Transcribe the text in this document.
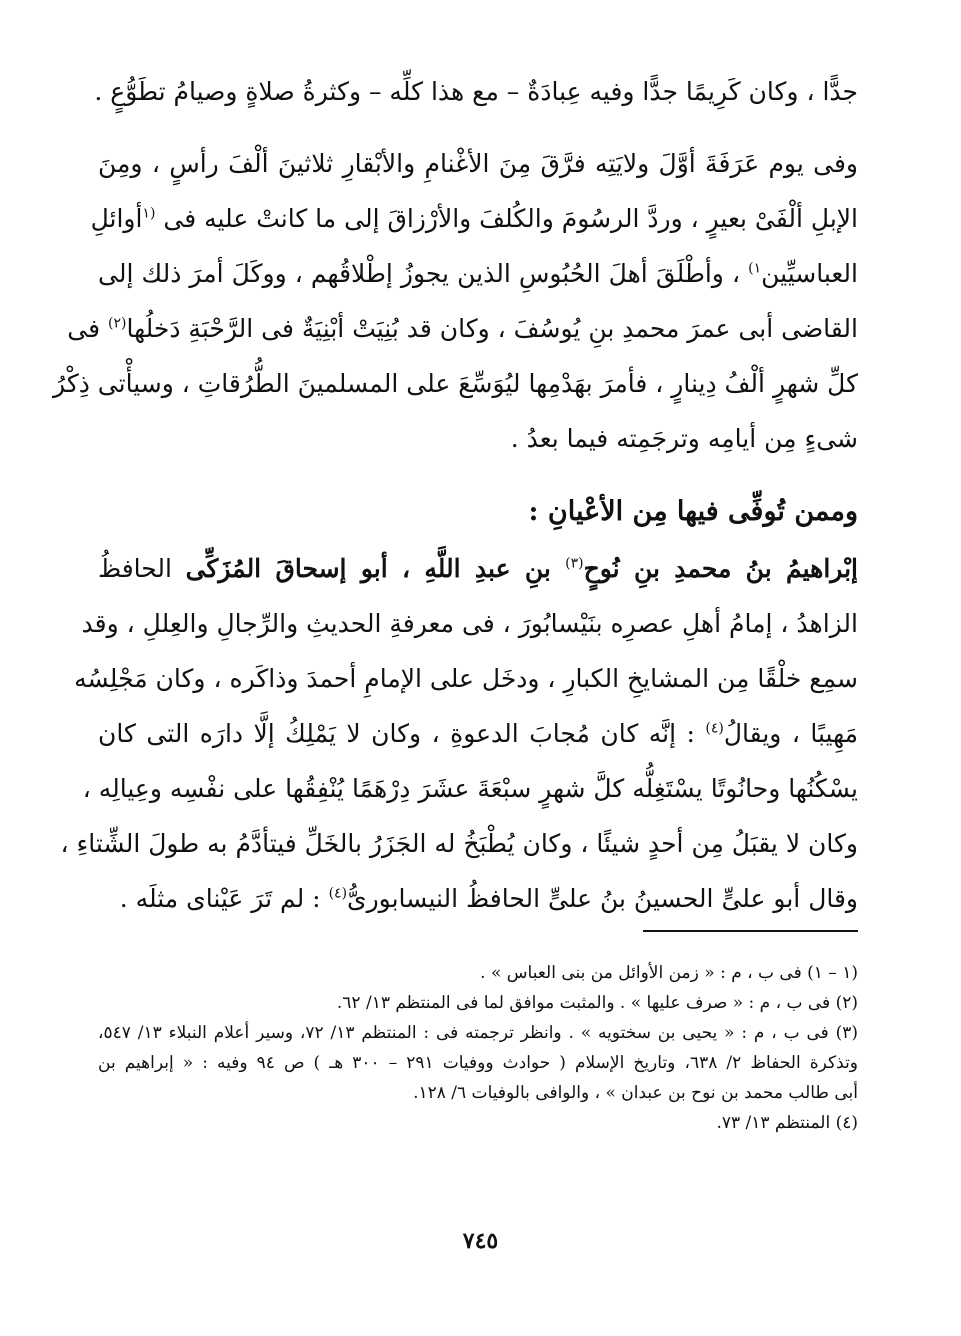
جدًّا ، وكان كَرِيمًا جدًّا وفيه عِبادَةٌ – مع هذا كلِّه – وكثرةُ صلاةٍ وصيامُ تطَوُّعٍ .
وفى يوم عَرَفَةَ أوَّلَ ولايَتِه فرَّقَ مِنَ الأغْنامِ والأبْقارِ ثلاثينَ ألْفَ رأسٍ ، ومِنَ
الإبلِ ألْفَىْ بعيرٍ ، وردَّ الرسُومَ والكُلفَ والأرْزاقَ إلى ما كانتْ عليه فى $^{(١}$أوائلِ
العباسيِّين$^{١)}$ ، وأطْلَقَ أهلَ الحُبُوسِ الذين يجوزُ إطْلاقُهم ، ووكَلَ أمرَ ذلك إلى
القاضى أبى عمرَ محمدِ بنِ يُوسُفَ ، وكان قد بُنِيَتْ أبْنِيَةٌ فى الرَّحْبَةِ دَخلُها$^{(٢)}$ فى
كلِّ شهرٍ ألْفُ دِينارٍ ، فأمرَ بهَدْمِها ليُوَسِّعَ على المسلمينَ الطُّرُقاتِ ، وسيأْتى ذِكْرُ
شىءٍ مِن أيامِه وترجَمِته فيما بعدُ .
وممن تُوفِّى فيها مِن الأعْيانِ :
إبْراهيمُ بنُ محمدِ بنِ نُوحٍ$^{(٣)}$ بنِ عبدِ اللَّهِ ، أبو إسحاقَ المُزَكِّى الحافظُ
الزاهدُ ، إمامُ أهلِ عصرِه بنَيْسابُورَ ، فى معرفةِ الحديثِ والرِّجالِ والعِللِ ، وقد
سمِع خلْقًا مِن المشايخِ الكبارِ ، ودخَل على الإمامِ أحمدَ وذاكَره ، وكان مَجْلِسُه
مَهِيبًا ، ويقالُ$^{(٤)}$ : إنَّه كان مُجابَ الدعوةِ ، وكان لا يَمْلِكُ إلَّا دارَه التى كان
يسْكُنُها وحانُوتًا يسْتَغِلُّه كلَّ شهرٍ سبْعَةَ عشَرَ دِرْهَمًا يُنْفِقُها على نفْسِه وعِيالِه ،
وكان لا يقبَلُ مِن أحدٍ شيئًا ، وكان يُطْبَخُ له الجَزَرُ بالخَلِّ فيتأدَّمُ به طولَ الشِّتاءِ ،
وقال أبو علىٍّ الحسينُ بنُ علىٍّ الحافظُ النيسابورىُّ$^{(٤)}$ : لم تَرَ عَيْناى مثلَه .
(١ – ١) فى ب ، م : « زمن الأوائل من بنى العباس » .
(٢) فى ب ، م : « صرف عليها » . والمثبت موافق لما فى المنتظم ١٣/ ٦٢.
(٣) فى ب ، م : « يحيى بن سختويه » . وانظر ترجمته فى : المنتظم ١٣/ ٧٢، وسير أعلام النبلاء ١٣/ ٥٤٧،
وتذكرة الحفاظ ٢/ ٦٣٨، وتاريخ الإسلام ( حوادث ووفيات ٢٩١ – ٣٠٠ هـ ) ص ٩٤ وفيه : « إبراهيم بن
أبى طالب محمد بن نوح بن عبدان » ، والوافى بالوفيات ٦/ ١٢٨.
(٤) المنتظم ١٣/ ٧٣.
٧٤٥
